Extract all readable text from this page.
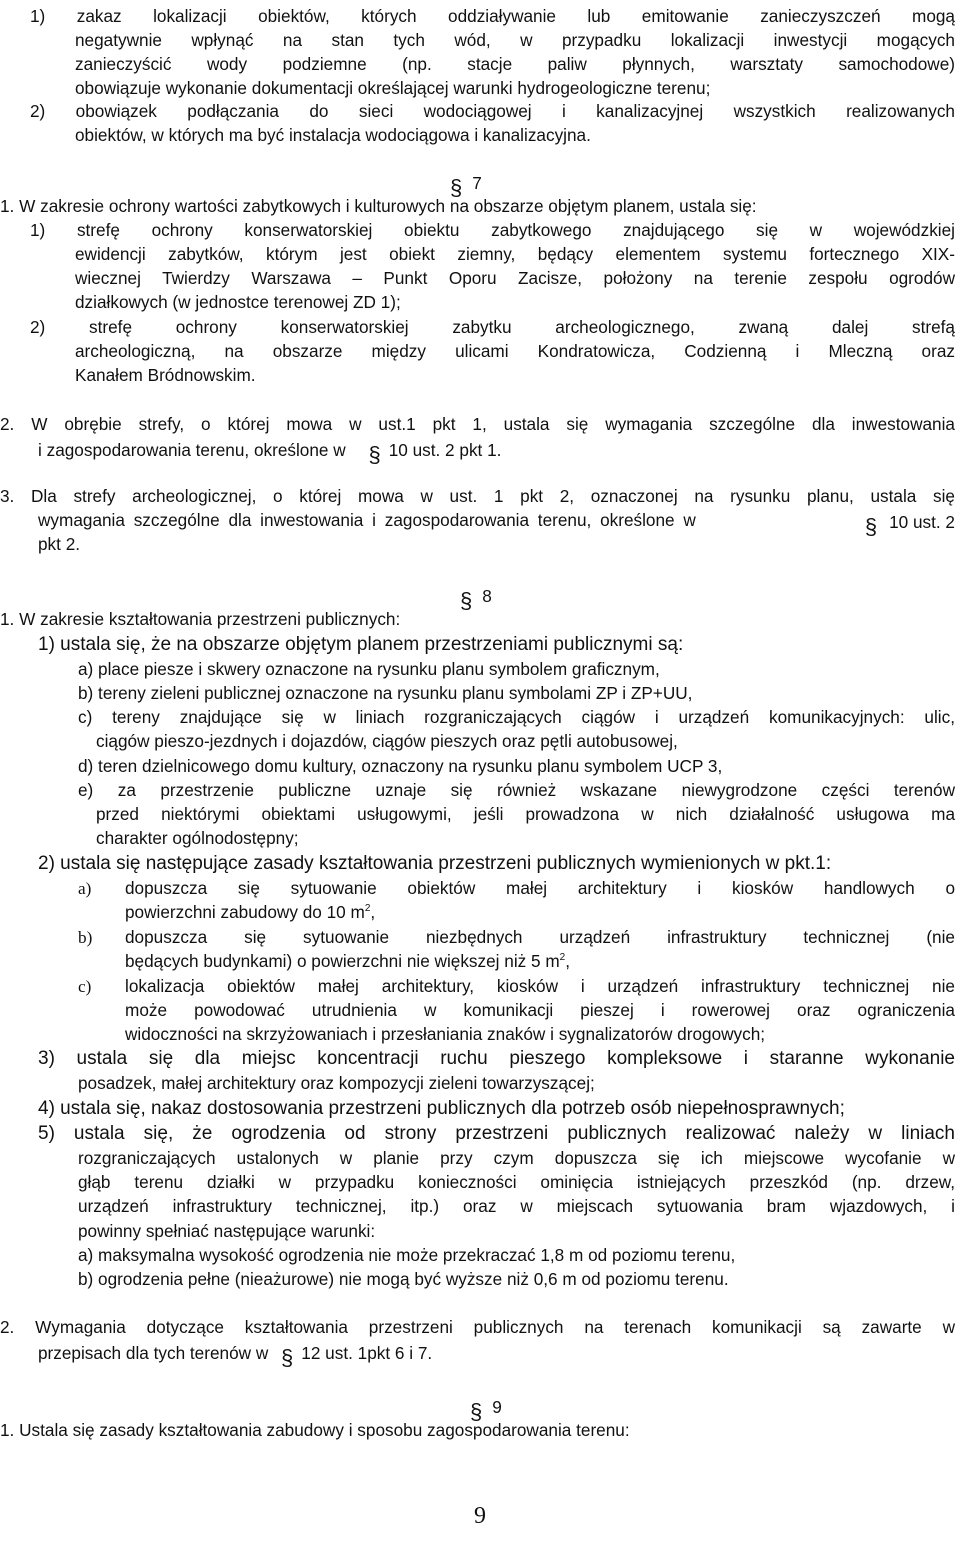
1) zakaz lokalizacji obiektów, których oddziaływanie lub emitowanie zanieczyszczeń mogą
negatywnie wpłynąć na stan tych wód, w przypadku lokalizacji inwestycji mogących
zanieczyścić wody podziemne (np. stacje paliw płynnych, warsztaty samochodowe)
obowiązuje wykonanie dokumentacji określającej warunki hydrogeologiczne terenu;
2) obowiązek podłączania do sieci wodociągowej i kanalizacyjnej wszystkich realizowanych
obiektów, w których ma być instalacja wodociągowa i kanalizacyjna.
§ 7
1. W zakresie ochrony wartości zabytkowych i kulturowych na obszarze objętym planem, ustala się:
1) strefę ochrony konserwatorskiej obiektu zabytkowego znajdującego się w wojewódzkiej
ewidencji zabytków, którym jest obiekt ziemny, będący elementem systemu fortecznego XIX-
wiecznej Twierdzy Warszawa – Punkt Oporu Zacisze, położony na terenie zespołu ogrodów
działkowych (w jednostce terenowej ZD 1);
2) strefę ochrony konserwatorskiej zabytku archeologicznego, zwaną dalej strefą
archeologiczną, na obszarze między ulicami Kondratowicza, Codzienną i Mleczną oraz
Kanałem Bródnowskim.
2. W obrębie strefy, o której mowa w ust.1 pkt 1, ustala się wymagania szczególne dla inwestowania
i zagospodarowania terenu, określone w § 10 ust. 2 pkt 1.
3. Dla strefy archeologicznej, o której mowa w ust. 1 pkt 2, oznaczonej na rysunku planu, ustala się
wymagania szczególne dla inwestowania i zagospodarowania terenu, określone w	§ 10 ust. 2
pkt 2.
§ 8
1. W zakresie kształtowania przestrzeni publicznych:
1) ustala się, że na obszarze objętym planem przestrzeniami publicznymi są:
a) place piesze i skwery oznaczone na rysunku planu symbolem graficznym,
b) tereny zieleni publicznej oznaczone na rysunku planu symbolami ZP i ZP+UU,
c) tereny znajdujące się w liniach rozgraniczających ciągów i urządzeń komunikacyjnych: ulic,
ciągów pieszo-jezdnych i dojazdów, ciągów pieszych oraz pętli autobusowej,
d) teren dzielnicowego domu kultury, oznaczony na rysunku planu symbolem UCP 3,
e) za przestrzenie publiczne uznaje się również wskazane niewygrodzone części terenów
przed niektórymi obiektami usługowymi, jeśli prowadzona w nich działalność usługowa ma
charakter ogólnodostępny;
2) ustala się następujące zasady kształtowania przestrzeni publicznych wymienionych w pkt.1:
a) dopuszcza się sytuowanie obiektów małej architektury i kiosków handlowych o
powierzchni zabudowy do 10 $m^2$,
b) dopuszcza się sytuowanie niezbędnych urządzeń infrastruktury technicznej (nie
będących budynkami) o powierzchni nie większej niż 5 $m^2$,
c) lokalizacja obiektów małej architektury, kiosków i urządzeń infrastruktury technicznej nie
może powodować utrudnienia w komunikacji pieszej i rowerowej oraz ograniczenia
widoczności na skrzyżowaniach i przesłaniania znaków i sygnalizatorów drogowych;
3) ustala się dla miejsc koncentracji ruchu pieszego kompleksowe i staranne wykonanie
posadzek, małej architektury oraz kompozycji zieleni towarzyszącej;
4) ustala się, nakaz dostosowania przestrzeni publicznych dla potrzeb osób niepełnosprawnych;
5) ustala się, że ogrodzenia od strony przestrzeni publicznych realizować należy w liniach
rozgraniczających ustalonych w planie przy czym dopuszcza się ich miejscowe wycofanie w
głąb terenu działki w przypadku konieczności ominięcia istniejących przeszkód (np. drzew,
urządzeń infrastruktury technicznej, itp.) oraz w miejscach sytuowania bram wjazdowych, i
powinny spełniać następujące warunki:
a) maksymalna wysokość ogrodzenia nie może przekraczać 1,8 m od poziomu terenu,
b) ogrodzenia pełne (nieażurowe) nie mogą być wyższe niż 0,6 m od poziomu terenu.
2. Wymagania dotyczące kształtowania przestrzeni publicznych na terenach komunikacji są zawarte w
przepisach dla tych terenów w § 12 ust. 1pkt 6 i 7.
§ 9
1. Ustala się zasady kształtowania zabudowy i sposobu zagospodarowania terenu:
9
